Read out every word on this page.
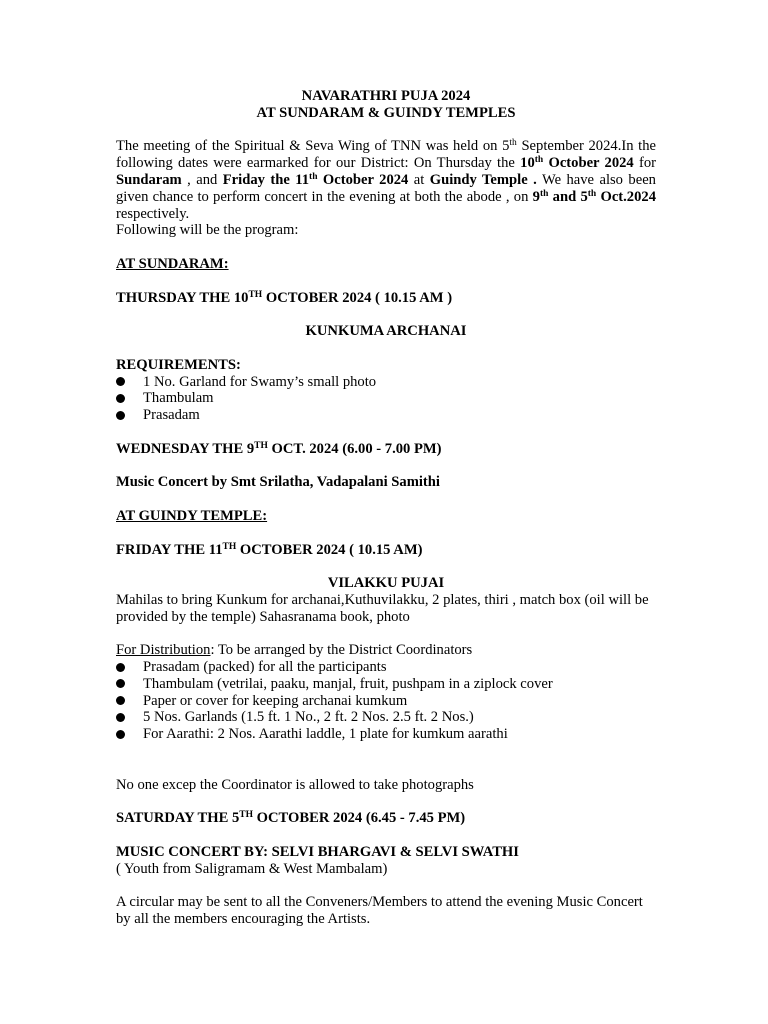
NAVARATHRI PUJA 2024

AT SUNDARAM & GUINDY TEMPLES

The meeting of the Spiritual & Seva Wing of TNN was held on 5th September 2024.In the following dates were earmarked for our District: On Thursday the 10th October 2024 for Sundaram , and Friday the 11th October 2024 at Guindy Temple . We have also been given chance to perform concert in the evening at both the abode , on 9th and 5th Oct.2024 respectively.

Following will be the program:

AT SUNDARAM:

THURSDAY THE 10TH OCTOBER 2024 ( 10.15 AM )

KUNKUMA ARCHANAI

REQUIREMENTS:

1 No. Garland for Swamy’s small photo
Thambulam
Prasadam

WEDNESDAY THE 9TH OCT. 2024 (6.00 - 7.00 PM)

Music Concert by Smt Srilatha, Vadapalani Samithi

AT GUINDY TEMPLE:

FRIDAY THE 11TH OCTOBER 2024 ( 10.15 AM)

VILAKKU PUJAI

Mahilas to bring Kunkum for archanai,Kuthuvilakku, 2 plates, thiri , match box (oil will be provided by the temple) Sahasranama book, photo

For Distribution: To be arranged by the District Coordinators

Prasadam (packed) for all the participants
Thambulam (vetrilai, paaku, manjal, fruit, pushpam in a ziplock cover
Paper or cover for keeping archanai kumkum
5 Nos. Garlands (1.5 ft. 1 No., 2 ft. 2 Nos. 2.5 ft. 2 Nos.)
For Aarathi: 2 Nos. Aarathi laddle, 1 plate for kumkum aarathi

No one excep the Coordinator is allowed to take photographs

SATURDAY THE 5TH OCTOBER 2024 (6.45 - 7.45 PM)

MUSIC CONCERT BY: SELVI BHARGAVI & SELVI SWATHI

( Youth from Saligramam & West Mambalam)

A circular may be sent to all the Conveners/Members to attend the evening Music Concert by all the members encouraging the Artists.
